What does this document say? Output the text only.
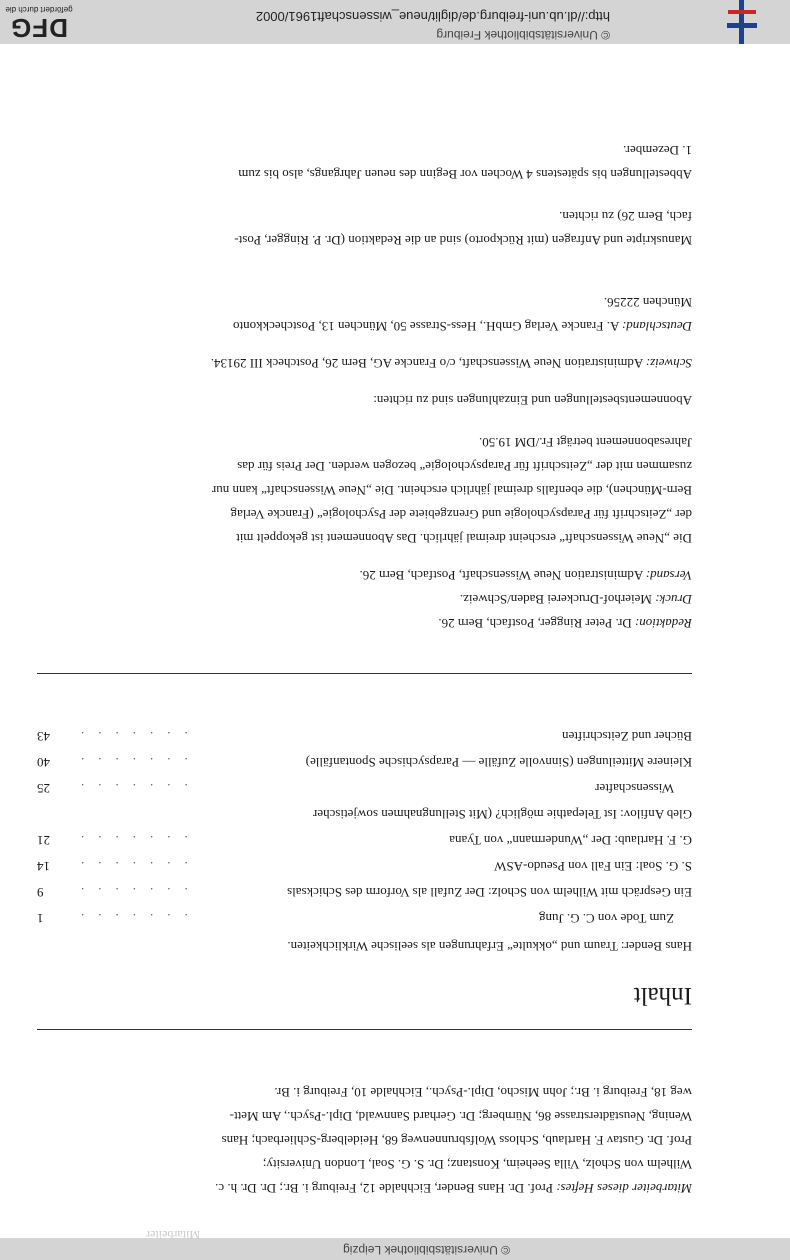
© Universitätsbibliothek Leipzig
Mitarbeiter
Mitarbeiter dieses Heftes: Prof. Dr. Hans Bender, Eichhalde 12, Freiburg i. Br.; Dr. Dr. h. c.
Wilhelm von Scholz, Villa Seeheim, Konstanz; Dr. S. G. Soal, London University;
Prof. Dr. Gustav F. Hartlaub, Schloss Wolfsbrunnenweg 68, Heidelberg-Schlierbach; Hans
Wening, Neustädterstrasse 86, Nürnberg; Dr. Gerhard Sannwald, Dipl.-Psych., Am Mett-
weg 18, Freiburg i. Br.; John Mischo, Dipl.-Psych., Eichhalde 10, Freiburg i. Br.
Inhalt
Hans Bender: Traum und „okkulte“ Erfahrungen als seelische Wirklichkeiten.
Zum Tode von C. G. Jung
.......
1
Ein Gespräch mit Wilhelm von Scholz: Der Zufall als Vorform des Schicksals
.......
9
S. G. Soal: Ein Fall von Pseudo-ASW
.......
14
G. F. Hartlaub: Der „Wundermann“ von Tyana
.......
21
Gleb Anfilov: Ist Telepathie möglich? (Mit Stellungnahmen sowjetischer
Wissenschafter
.......
25
Kleinere Mitteilungen (Sinnvolle Zufälle — Parapsychische Spontanfälle)
.......
40
Bücher und Zeitschriften
.......
43
Redaktion: Dr. Peter Ringger, Postfach, Bern 26.
Druck: Meierhof-Druckerei Baden/Schweiz.
Versand: Administration Neue Wissenschaft, Postfach, Bern 26.
Die „Neue Wissenschaft“ erscheint dreimal jährlich. Das Abonnement ist gekoppelt mit
der „Zeitschrift für Parapsychologie und Grenzgebiete der Psychologie“ (Francke Verlag
Bern-München), die ebenfalls dreimal jährlich erscheint. Die „Neue Wissenschaft“ kann nur
zusammen mit der „Zeitschrift für Parapsychologie“ bezogen werden. Der Preis für das
Jahresabonnement beträgt Fr./DM 19.50.
Abonnementsbestellungen und Einzahlungen sind zu richten:
Schweiz: Administration Neue Wissenschaft, c/o Francke AG, Bern 26, Postcheck III 29134.
Deutschland: A. Francke Verlag GmbH., Hess-Strasse 50, München 13, Postcheckkonto
München 22256.
Manuskripte und Anfragen (mit Rückporto) sind an die Redaktion (Dr. P. Ringger, Post-
fach, Bern 26) zu richten.
Abbestellungen bis spätestens 4 Wochen vor Beginn des neuen Jahrgangs, also bis zum
1. Dezember.
© Universitätsbibliothek Freiburg
http://dl.ub.uni-freiburg.de/diglit/neue_wissenschaft1961/0002
DFG
gefördert durch die
